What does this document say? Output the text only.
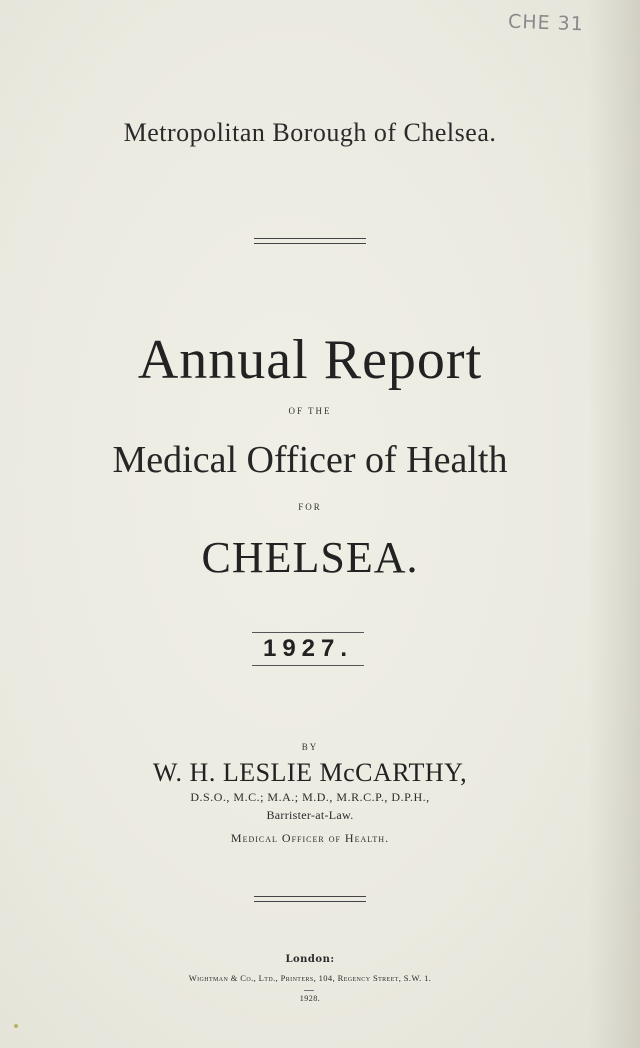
CHE 31
Metropolitan Borough of Chelsea.
Annual Report
OF THE
Medical Officer of Health
FOR
CHELSEA.
1927.
BY
W. H. LESLIE McCARTHY,
D.S.O., M.C.; M.A.; M.D., M.R.C.P., D.P.H.,
Barrister-at-Law.
Medical Officer of Health.
London:
Wightman & Co., Ltd., Printers, 104, Regency Street, S.W. 1.
1928.
